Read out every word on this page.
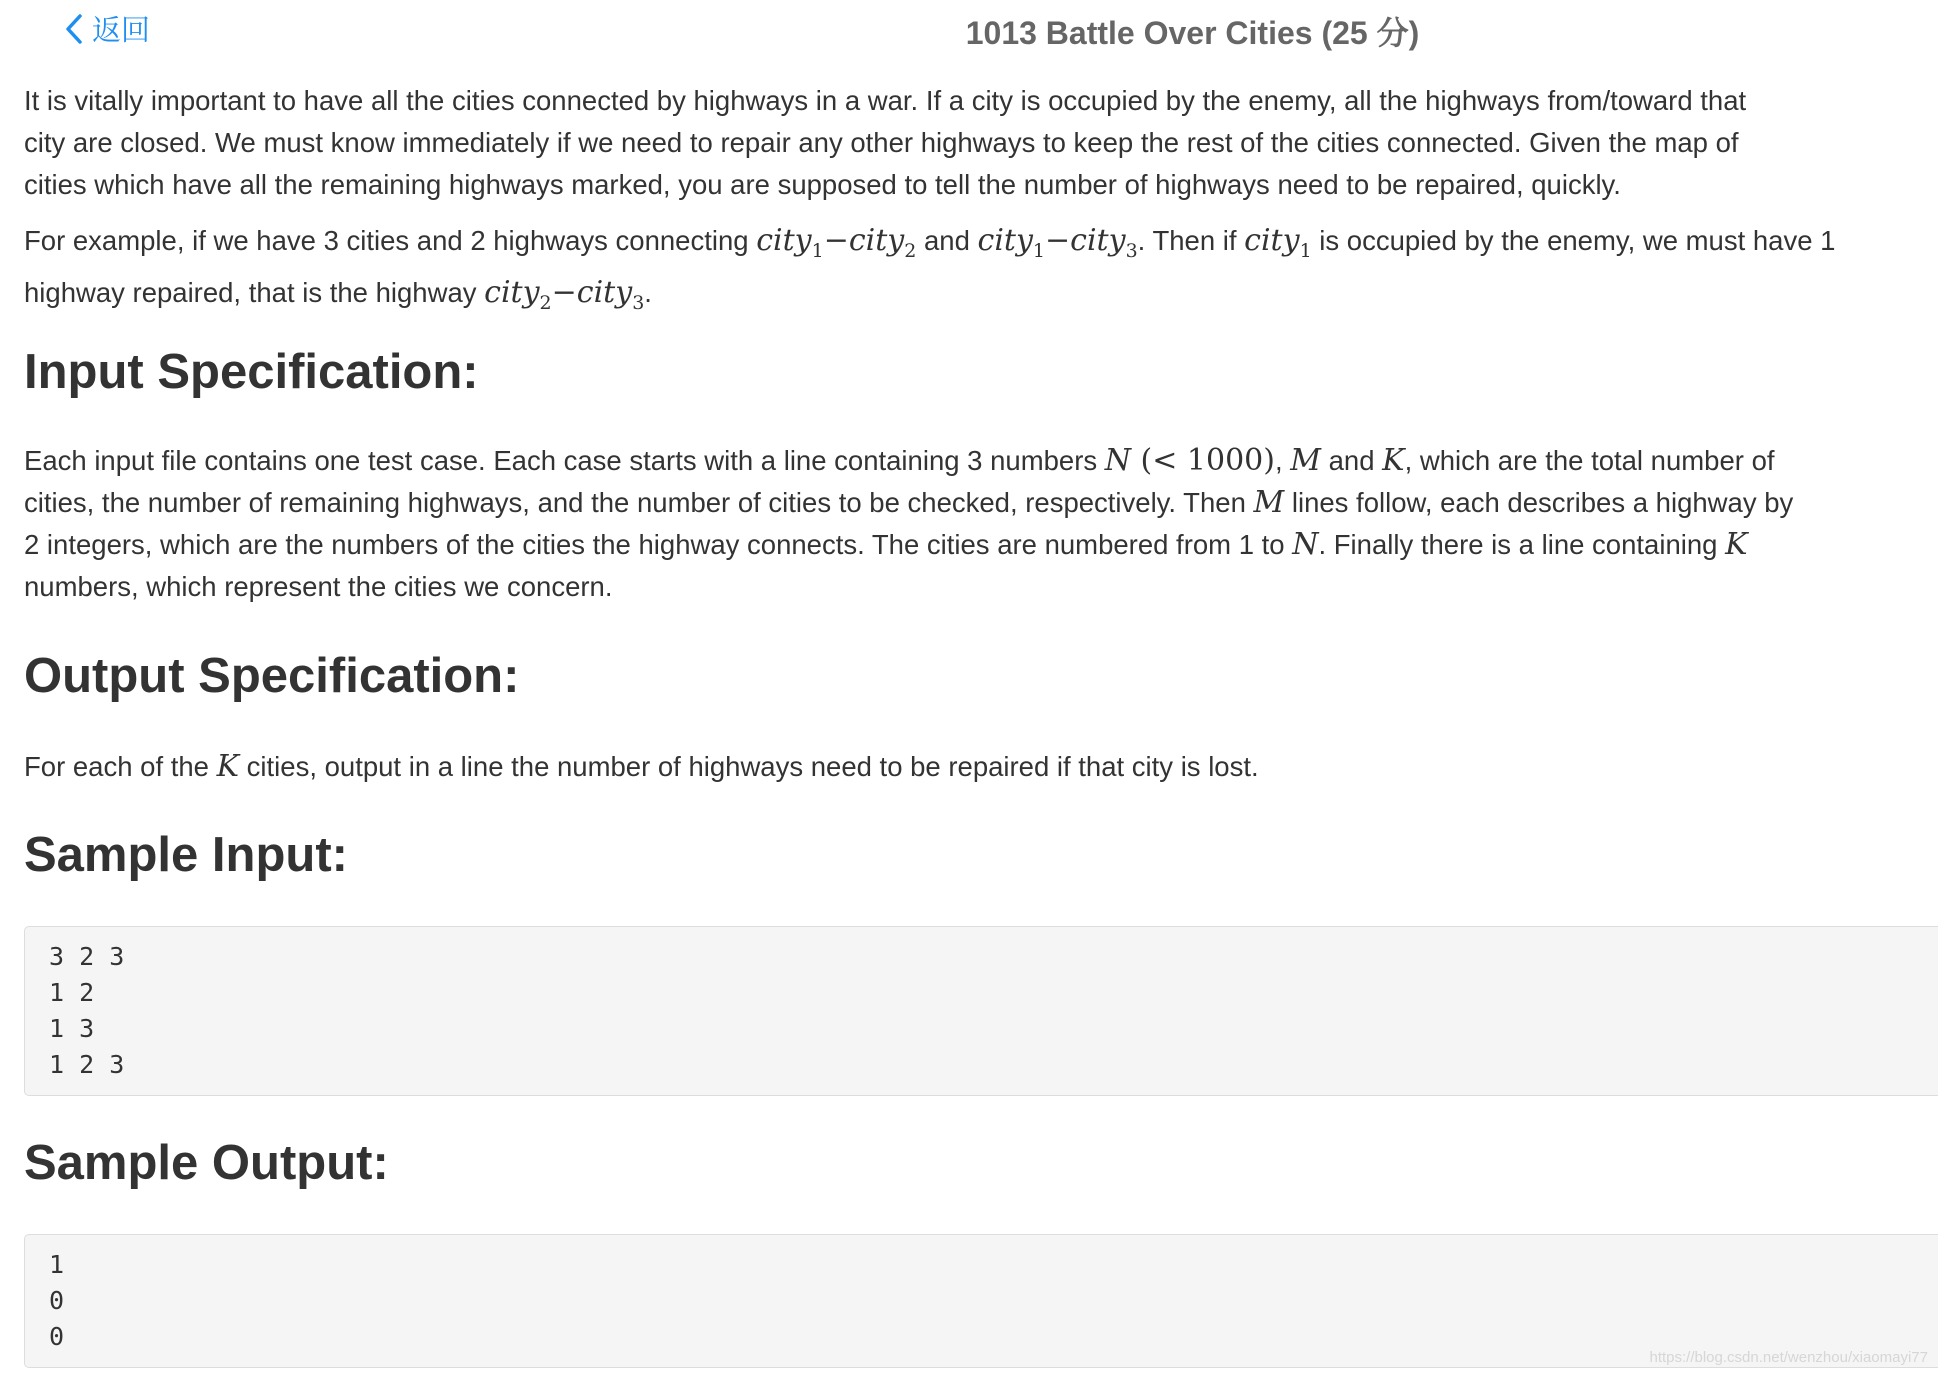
返回	1013 Battle Over Cities (25 分)

It is vitally important to have all the cities connected by highways in a war. If a city is occupied by the enemy, all the highways from/toward that
city are closed. We must know immediately if we need to repair any other highways to keep the rest of the cities connected. Given the map of
cities which have all the remaining highways marked, you are supposed to tell the number of highways need to be repaired, quickly.

For example, if we have 3 cities and 2 highways connecting city$_1$−city$_2$ and city$_1$−city$_3$. Then if city$_1$ is occupied by the enemy, we must have 1
highway repaired, that is the highway city$_2$−city$_3$.

Input Specification:

Each input file contains one test case. Each case starts with a line containing 3 numbers N (< 1000), M and K, which are the total number of
cities, the number of remaining highways, and the number of cities to be checked, respectively. Then M lines follow, each describes a highway by
2 integers, which are the numbers of the cities the highway connects. The cities are numbered from 1 to N. Finally there is a line containing K
numbers, which represent the cities we concern.

Output Specification:

For each of the K cities, output in a line the number of highways need to be repaired if that city is lost.

Sample Input:
3 2 3
1 2
1 3
1 2 3
Sample Output:
1
0
0
https://blog.csdn.net/wenzhou/xiaomayi77
